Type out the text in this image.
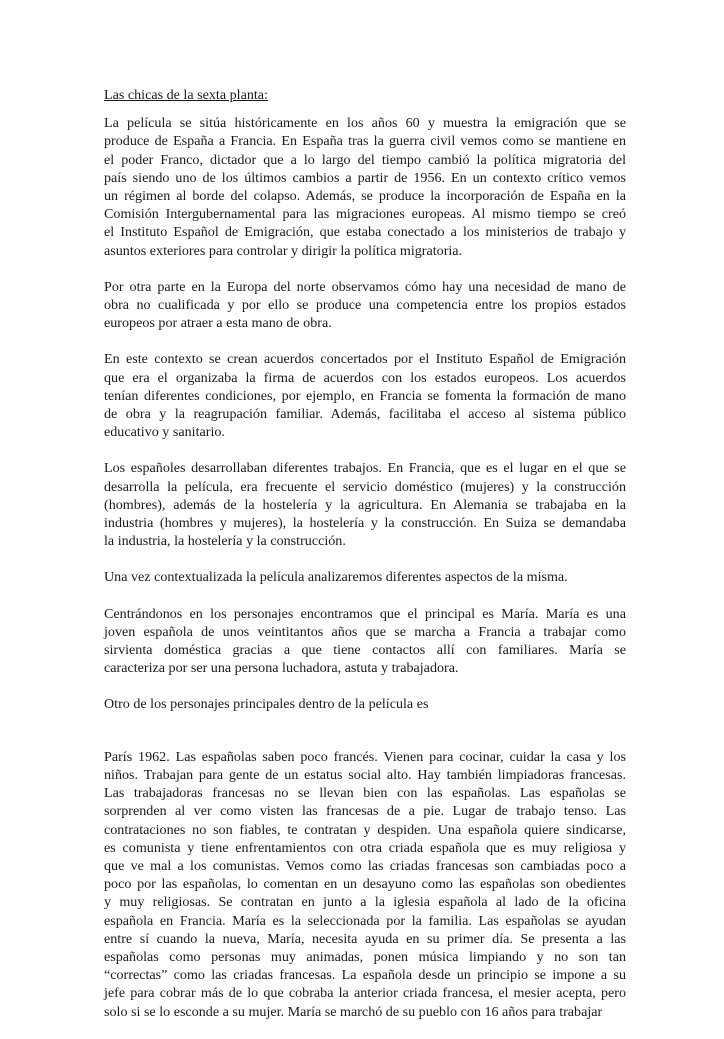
Las chicas de la sexta planta:
La película se sitúa históricamente en los años 60 y muestra la emigración que se
produce de España a Francia. En España tras la guerra civil vemos como se mantiene en
el poder Franco, dictador que a lo largo del tiempo cambió la política migratoria del
país siendo uno de los últimos cambios a partir de 1956. En un contexto crítico vemos
un régimen al borde del colapso. Además, se produce la incorporación de España en la
Comisión Intergubernamental para las migraciones europeas. Al mismo tiempo se creó
el Instituto Español de Emigración, que estaba conectado a los ministerios de trabajo y
asuntos exteriores para controlar y dirigir la política migratoria.
Por otra parte en la Europa del norte observamos cómo hay una necesidad de mano de
obra no cualificada y por ello se produce una competencia entre los propios estados
europeos por atraer a esta mano de obra.
En este contexto se crean acuerdos concertados por el Instituto Español de Emigración
que era el organizaba la firma de acuerdos con los estados europeos. Los acuerdos
tenían diferentes condiciones, por ejemplo, en Francia se fomenta la formación de mano
de obra y la reagrupación familiar. Además, facilitaba el acceso al sistema público
educativo y sanitario.
Los españoles desarrollaban diferentes trabajos. En Francia, que es el lugar en el que se
desarrolla la película, era frecuente el servicio doméstico (mujeres) y la construcción
(hombres), además de la hostelería y la agricultura. En Alemania se trabajaba en la
industria (hombres y mujeres), la hostelería y la construcción. En Suiza se demandaba
la industria, la hostelería y la construcción.
Una vez contextualizada la película analizaremos diferentes aspectos de la misma.
Centrándonos en los personajes encontramos que el principal es María. María es una
joven española de unos veintitantos años que se marcha a Francia a trabajar como
sirvienta doméstica gracias a que tiene contactos allí con familiares. María se
caracteriza por ser una persona luchadora, astuta y trabajadora.
Otro de los personajes principales dentro de la película es
París 1962. Las españolas saben poco francés. Vienen para cocinar, cuidar la casa y los
niños. Trabajan para gente de un estatus social alto. Hay también limpiadoras francesas.
Las trabajadoras francesas no se llevan bien con las españolas. Las españolas se
sorprenden al ver como visten las francesas de a pie. Lugar de trabajo tenso. Las
contrataciones no son fiables, te contratan y despiden. Una española quiere sindicarse,
es comunista y tiene enfrentamientos con otra criada española que es muy religiosa y
que ve mal a los comunistas. Vemos como las criadas francesas son cambiadas poco a
poco por las españolas, lo comentan en un desayuno como las españolas son obedientes
y muy religiosas. Se contratan en junto a la iglesia española al lado de la oficina
española en Francia. María es la seleccionada por la familia. Las españolas se ayudan
entre sí cuando la nueva, María, necesita ayuda en su primer día. Se presenta a las
españolas como personas muy animadas, ponen música limpiando y no son tan
“correctas” como las criadas francesas. La española desde un principio se impone a su
jefe para cobrar más de lo que cobraba la anterior criada francesa, el mesier acepta, pero
solo si se lo esconde a su mujer. María se marchó de su pueblo con 16 años para trabajar
